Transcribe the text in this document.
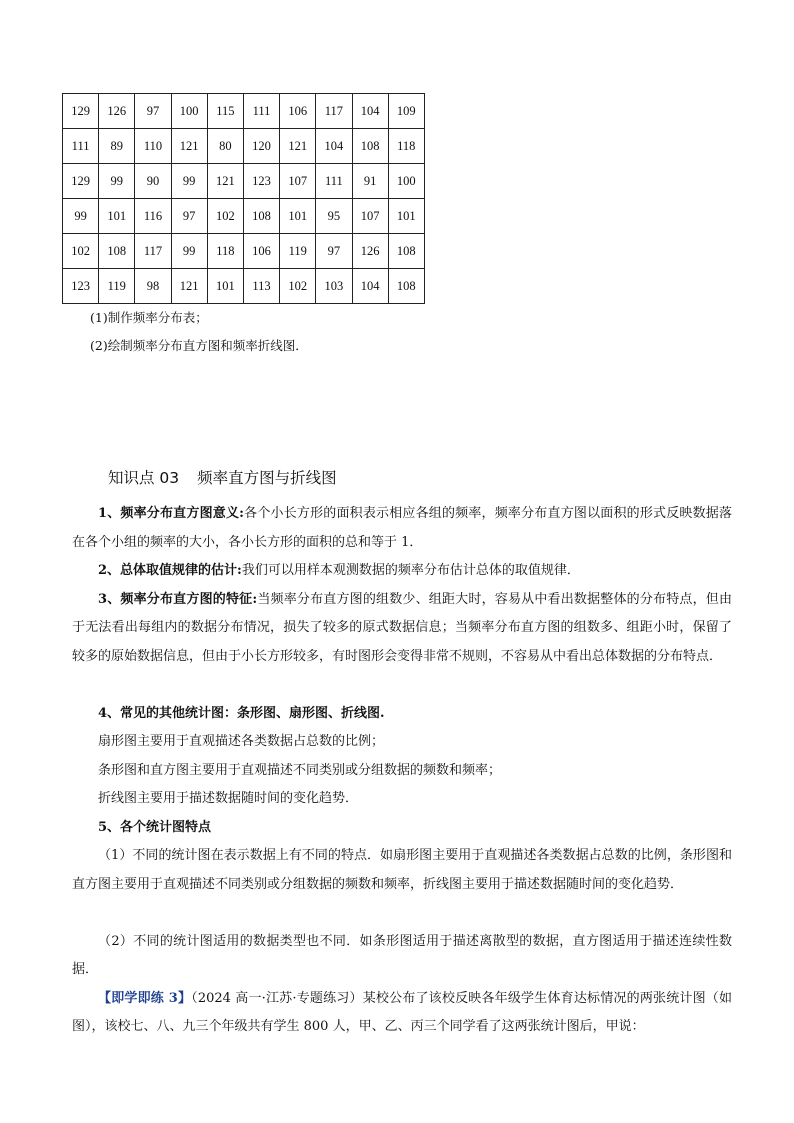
129	126	97	100	115	111	106	117	104	109
111	89	110	121	80	120	121	104	108	118
129	99	90	99	121	123	107	111	91	100
99	101	116	97	102	108	101	95	107	101
102	108	117	99	118	106	119	97	126	108
123	119	98	121	101	113	102	103	104	108
(1)制作频率分布表；
(2)绘制频率分布直方图和频率折线图．
知识点 03 频率直方图与折线图
1、频率分布直方图意义:各个小长方形的面积表示相应各组的频率，频率分布直方图以面积的形式反映数据落在各个小组的频率的大小，各小长方形的面积的总和等于 1．
2、总体取值规律的估计:我们可以用样本观测数据的频率分布估计总体的取值规律．
3、频率分布直方图的特征:当频率分布直方图的组数少、组距大时，容易从中看出数据整体的分布特点，但由于无法看出每组内的数据分布情况，损失了较多的原式数据信息；当频率分布直方图的组数多、组距小时，保留了较多的原始数据信息，但由于小长方形较多，有时图形会变得非常不规则，不容易从中看出总体数据的分布特点．
4、常见的其他统计图：条形图、扇形图、折线图.
扇形图主要用于直观描述各类数据占总数的比例；
条形图和直方图主要用于直观描述不同类别或分组数据的频数和频率；
折线图主要用于描述数据随时间的变化趋势．
5、各个统计图特点
（1）不同的统计图在表示数据上有不同的特点．如扇形图主要用于直观描述各类数据占总数的比例，条形图和直方图主要用于直观描述不同类别或分组数据的频数和频率，折线图主要用于描述数据随时间的变化趋势．
（2）不同的统计图适用的数据类型也不同．如条形图适用于描述离散型的数据，直方图适用于描述连续性数据．
【即学即练 3】（2024 高一·江苏·专题练习）某校公布了该校反映各年级学生体育达标情况的两张统计图（如图），该校七、八、九三个年级共有学生 800 人，甲、乙、丙三个同学看了这两张统计图后，甲说：
